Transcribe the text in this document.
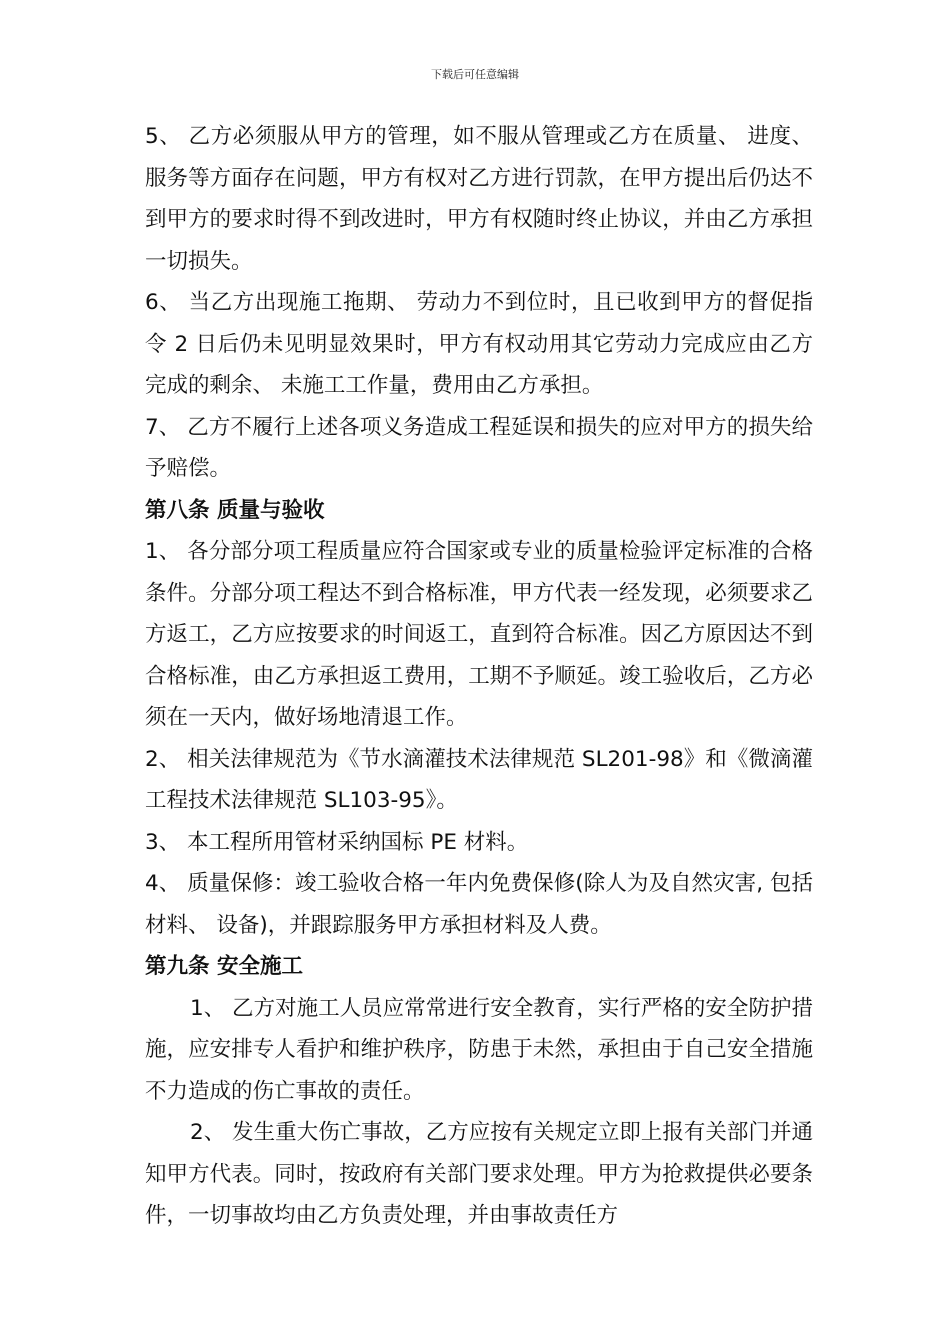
下载后可任意编辑

5、 乙方必须服从甲方的管理，如不服从管理或乙方在质量、 进度、 服务等方面存在问题，甲方有权对乙方进行罚款，在甲方提出后仍达不到甲方的要求时得不到改进时，甲方有权随时终止协议，并由乙方承担一切损失。

6、 当乙方出现施工拖期、 劳动力不到位时，且已收到甲方的督促指令 2 日后仍未见明显效果时，甲方有权动用其它劳动力完成应由乙方完成的剩余、 未施工工作量，费用由乙方承担。

7、 乙方不履行上述各项义务造成工程延误和损失的应对甲方的损失给予赔偿。

第八条 质量与验收

1、 各分部分项工程质量应符合国家或专业的质量检验评定标准的合格条件。分部分项工程达不到合格标准，甲方代表一经发现，必须要求乙方返工，乙方应按要求的时间返工，直到符合标准。因乙方原因达不到合格标准，由乙方承担返工费用，工期不予顺延。竣工验收后，乙方必须在一天内，做好场地清退工作。

2、 相关法律规范为《节水滴灌技术法律规范 SL201-98》和《微滴灌工程技术法律规范 SL103-95》。

3、 本工程所用管材采纳国标 PE 材料。

4、 质量保修：竣工验收合格一年内免费保修(除人为及自然灾害, 包括材料、 设备)，并跟踪服务甲方承担材料及人费。

第九条 安全施工

1、 乙方对施工人员应常常进行安全教育，实行严格的安全防护措施，应安排专人看护和维护秩序，防患于未然，承担由于自己安全措施不力造成的伤亡事故的责任。

2、 发生重大伤亡事故，乙方应按有关规定立即上报有关部门并通知甲方代表。同时，按政府有关部门要求处理。甲方为抢救提供必要条件，一切事故均由乙方负责处理，并由事故责任方
